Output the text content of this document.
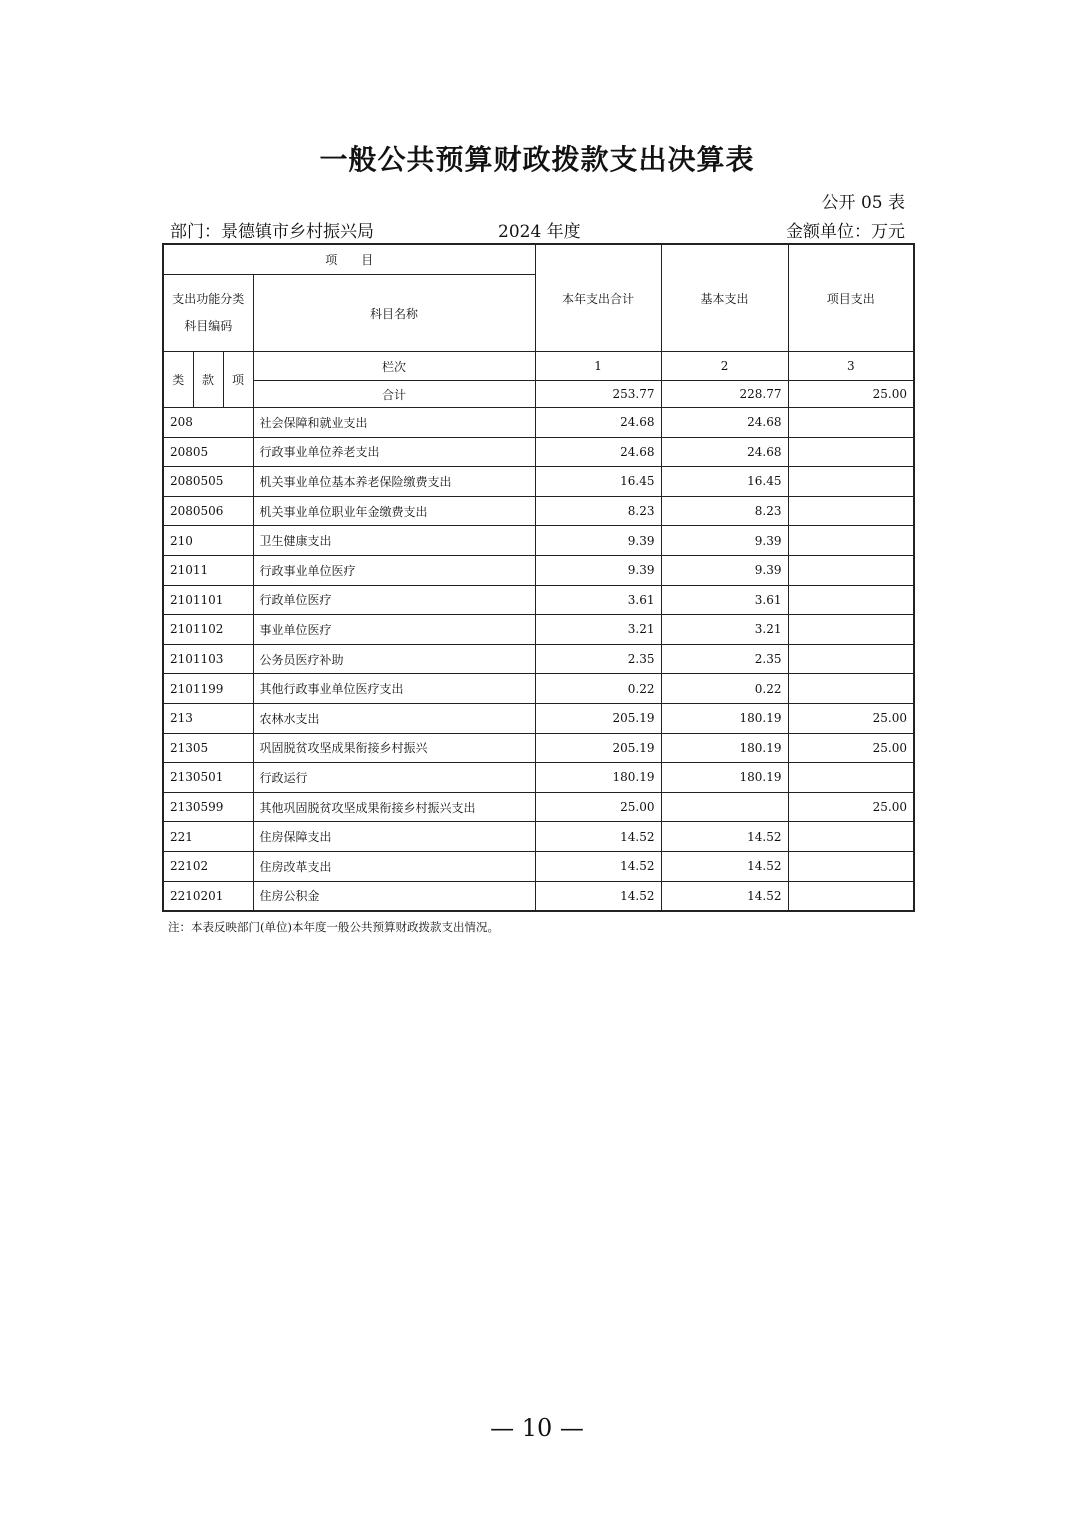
一般公共预算财政拨款支出决算表
公开 05 表
部门：景德镇市乡村振兴局	2024 年度	金额单位：万元
项　　目				本年支出合计	基本支出	项目支出

支出功能分类
科目编码			科目名称			
类	款	项	栏次	1	2	3
			合计	253.77	228.77	25.00
208			社会保障和就业支出	24.68	24.68	
20805			行政事业单位养老支出	24.68	24.68	
2080505			机关事业单位基本养老保险缴费支出	16.45	16.45	
2080506			机关事业单位职业年金缴费支出	8.23	8.23	
210			卫生健康支出	9.39	9.39	
21011			行政事业单位医疗	9.39	9.39	
2101101			行政单位医疗	3.61	3.61	
2101102			事业单位医疗	3.21	3.21	
2101103			公务员医疗补助	2.35	2.35	
2101199			其他行政事业单位医疗支出	0.22	0.22	
213			农林水支出	205.19	180.19	25.00
21305			巩固脱贫攻坚成果衔接乡村振兴	205.19	180.19	25.00
2130501			行政运行	180.19	180.19	
2130599			其他巩固脱贫攻坚成果衔接乡村振兴支出	25.00		25.00
221			住房保障支出	14.52	14.52	
22102			住房改革支出	14.52	14.52	
2210201			住房公积金	14.52	14.52	
注：本表反映部门(单位)本年度一般公共预算财政拨款支出情况。
— 10 —
